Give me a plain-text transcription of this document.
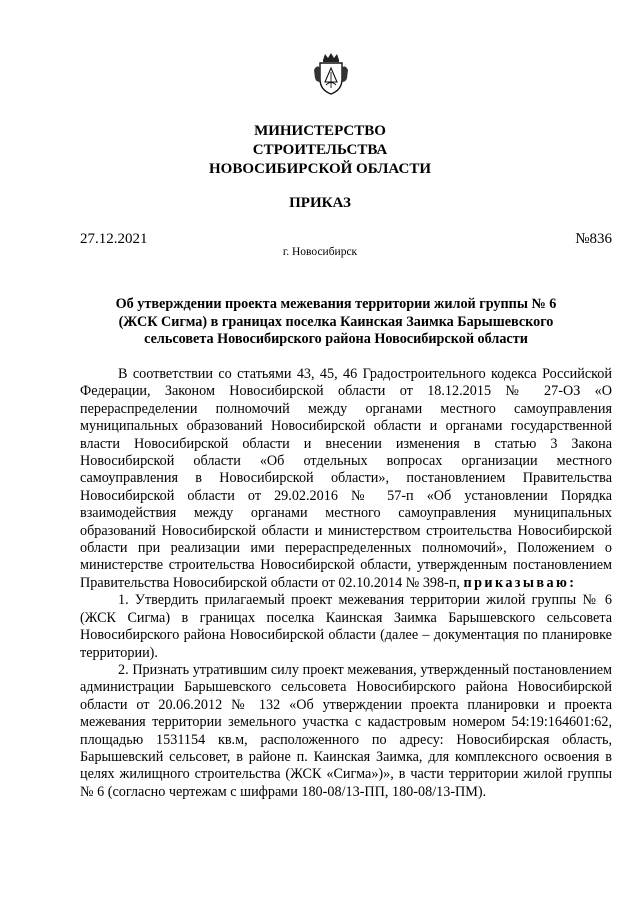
МИНИСТЕРСТВО
СТРОИТЕЛЬСТВА
НОВОСИБИРСКОЙ ОБЛАСТИ
ПРИКАЗ
27.12.2021	№836
г. Новосибирск
Об утверждении проекта межевания территории жилой группы № 6
(ЖСК Сигма) в границах поселка Каинская Заимка Барышевского
сельсовета Новосибирского района Новосибирской области

В соответствии со статьями 43, 45, 46 Градостроительного кодекса Российской Федерации, Законом Новосибирской области от 18.12.2015 № 27-ОЗ «О перераспределении полномочий между органами местного самоуправления муниципальных образований Новосибирской области и органами государственной власти Новосибирской области и внесении изменения в статью 3 Закона Новосибирской области «Об отдельных вопросах организации местного самоуправления в Новосибирской области», постановлением Правительства Новосибирской области от 29.02.2016 № 57-п «Об установлении Порядка взаимодействия между органами местного самоуправления муниципальных образований Новосибирской области и министерством строительства Новосибирской области при реализации ими перераспределенных полномочий», Положением о министерстве строительства Новосибирской области, утвержденным постановлением Правительства Новосибирской области от 02.10.2014 № 398-п, приказываю:

1. Утвердить прилагаемый проект межевания территории жилой группы № 6 (ЖСК Сигма) в границах поселка Каинская Заимка Барышевского сельсовета Новосибирского района Новосибирской области (далее – документация по планировке территории).

2. Признать утратившим силу проект межевания, утвержденный постановлением администрации Барышевского сельсовета Новосибирского района Новосибирской области от 20.06.2012 № 132 «Об утверждении проекта планировки и проекта межевания территории земельного участка с кадастровым номером 54:19:164601:62, площадью 1531154 кв.м, расположенного по адресу: Новосибирская область, Барышевский сельсовет, в районе п. Каинская Заимка, для комплексного освоения в целях жилищного строительства (ЖСК «Сигма»)», в части территории жилой группы № 6 (согласно чертежам с шифрами 180-08/13-ПП, 180-08/13-ПМ).
